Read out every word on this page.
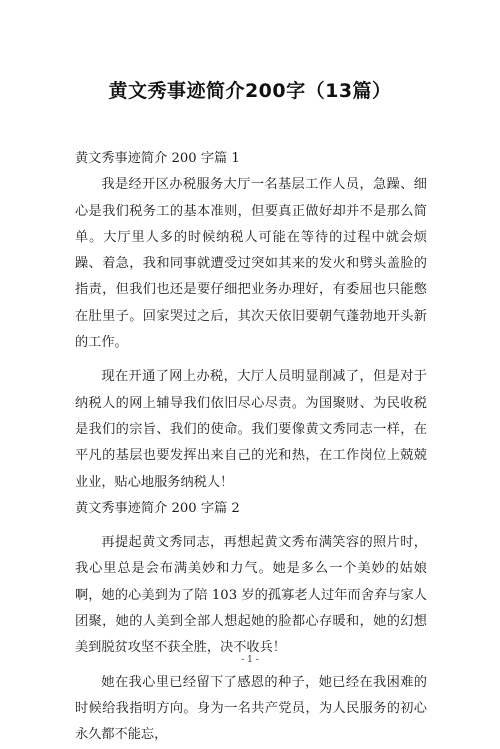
黄文秀事迹简介200字（13篇）

黄文秀事迹简介 200 字篇 1

我是经开区办税服务大厅一名基层工作人员，急躁、细心是我们税务工的基本准则，但要真正做好却并不是那么简单。大厅里人多的时候纳税人可能在等待的过程中就会烦躁、着急，我和同事就遭受过突如其来的发火和劈头盖脸的指责，但我们也还是要仔细把业务办理好，有委屈也只能憋在肚里子。回家哭过之后，其次天依旧要朝气蓬勃地开头新的工作。

现在开通了网上办税，大厅人员明显削减了，但是对于纳税人的网上辅导我们依旧尽心尽责。为国聚财、为民收税是我们的宗旨、我们的使命。我们要像黄文秀同志一样，在平凡的基层也要发挥出来自己的光和热，在工作岗位上兢兢业业，贴心地服务纳税人！

黄文秀事迹简介 200 字篇 2

再提起黄文秀同志，再想起黄文秀布满笑容的照片时，我心里总是会布满美妙和力气。她是多么一个美妙的姑娘啊，她的心美到为了陪 103 岁的孤寡老人过年而舍弃与家人团聚，她的人美到全部人想起她的脸都心存暖和，她的幻想美到脱贫攻坚不获全胜，决不收兵！

她在我心里已经留下了感恩的种子，她已经在我困难的时候给我指明方向。身为一名共产党员，为人民服务的初心永久都不能忘，

- 1 -
